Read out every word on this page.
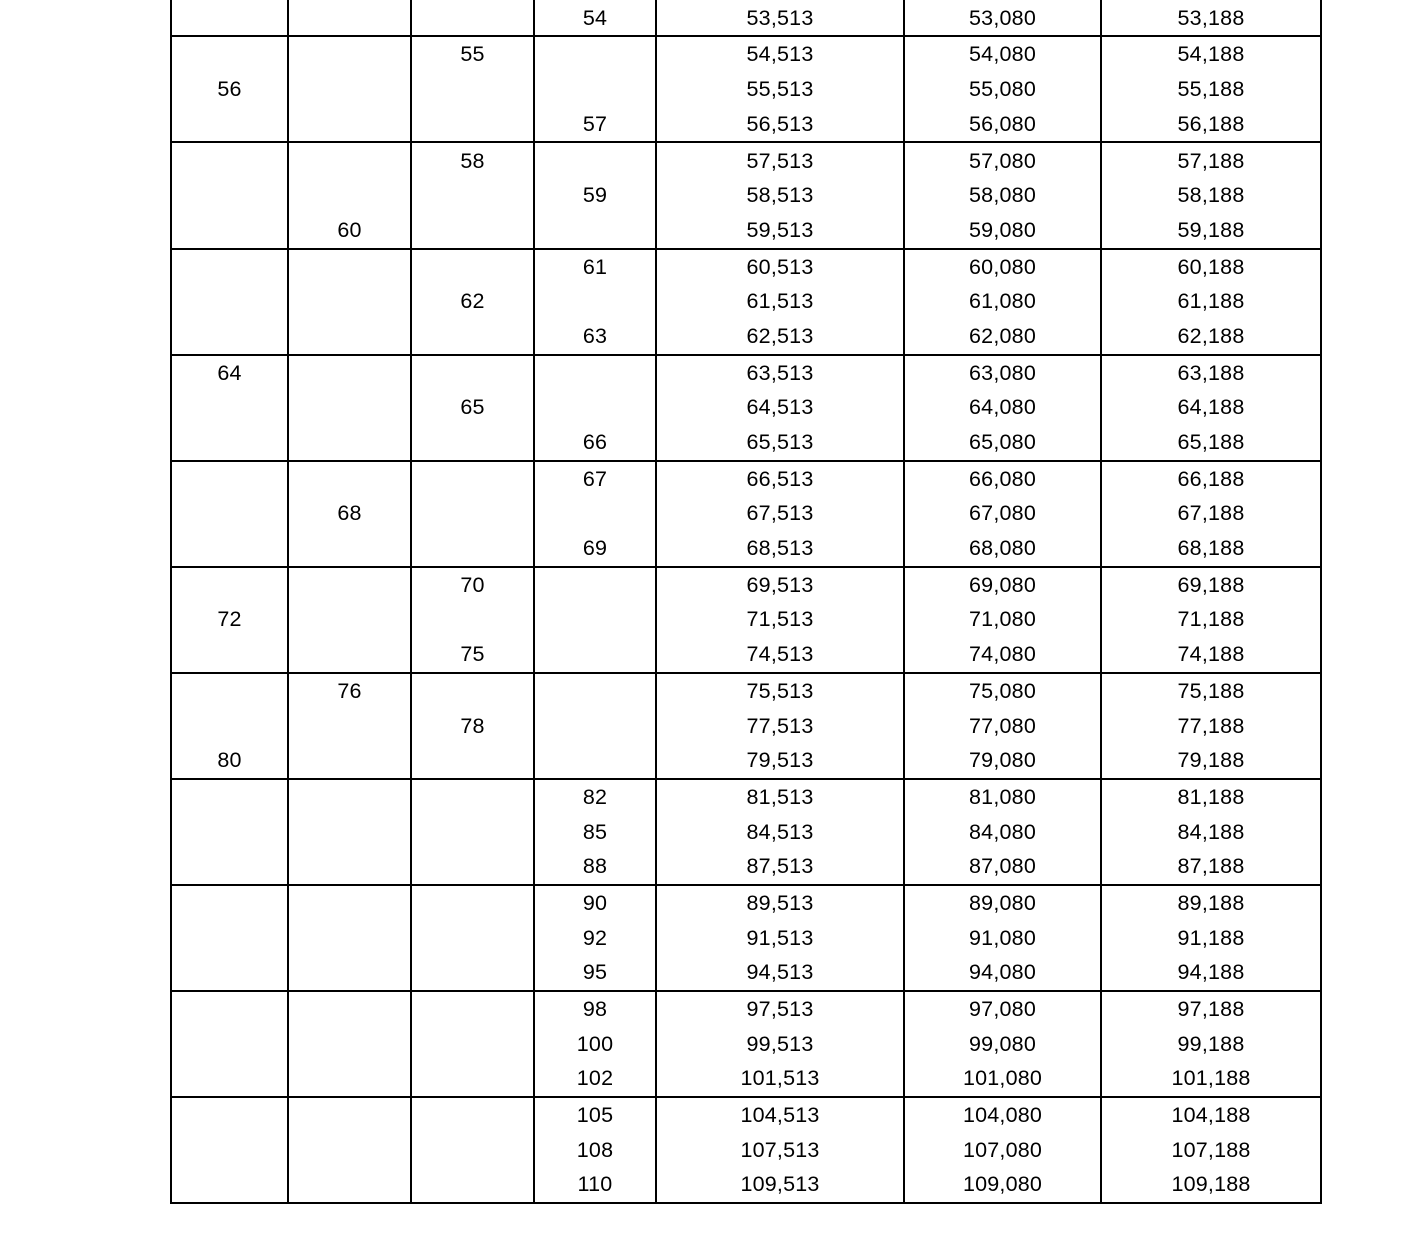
			54	53,513	53,080	53,188
		55		54,513	54,080	54,188
56				55,513	55,080	55,188
			57	56,513	56,080	56,188
		58		57,513	57,080	57,188
			59	58,513	58,080	58,188
	60			59,513	59,080	59,188
			61	60,513	60,080	60,188
		62		61,513	61,080	61,188
			63	62,513	62,080	62,188
64				63,513	63,080	63,188
		65		64,513	64,080	64,188
			66	65,513	65,080	65,188
			67	66,513	66,080	66,188
	68			67,513	67,080	67,188
			69	68,513	68,080	68,188
		70		69,513	69,080	69,188
72				71,513	71,080	71,188
		75		74,513	74,080	74,188
	76			75,513	75,080	75,188
		78		77,513	77,080	77,188
80				79,513	79,080	79,188
			82	81,513	81,080	81,188
			85	84,513	84,080	84,188
			88	87,513	87,080	87,188
			90	89,513	89,080	89,188
			92	91,513	91,080	91,188
			95	94,513	94,080	94,188
			98	97,513	97,080	97,188
			100	99,513	99,080	99,188
			102	101,513	101,080	101,188
			105	104,513	104,080	104,188
			108	107,513	107,080	107,188
			110	109,513	109,080	109,188
